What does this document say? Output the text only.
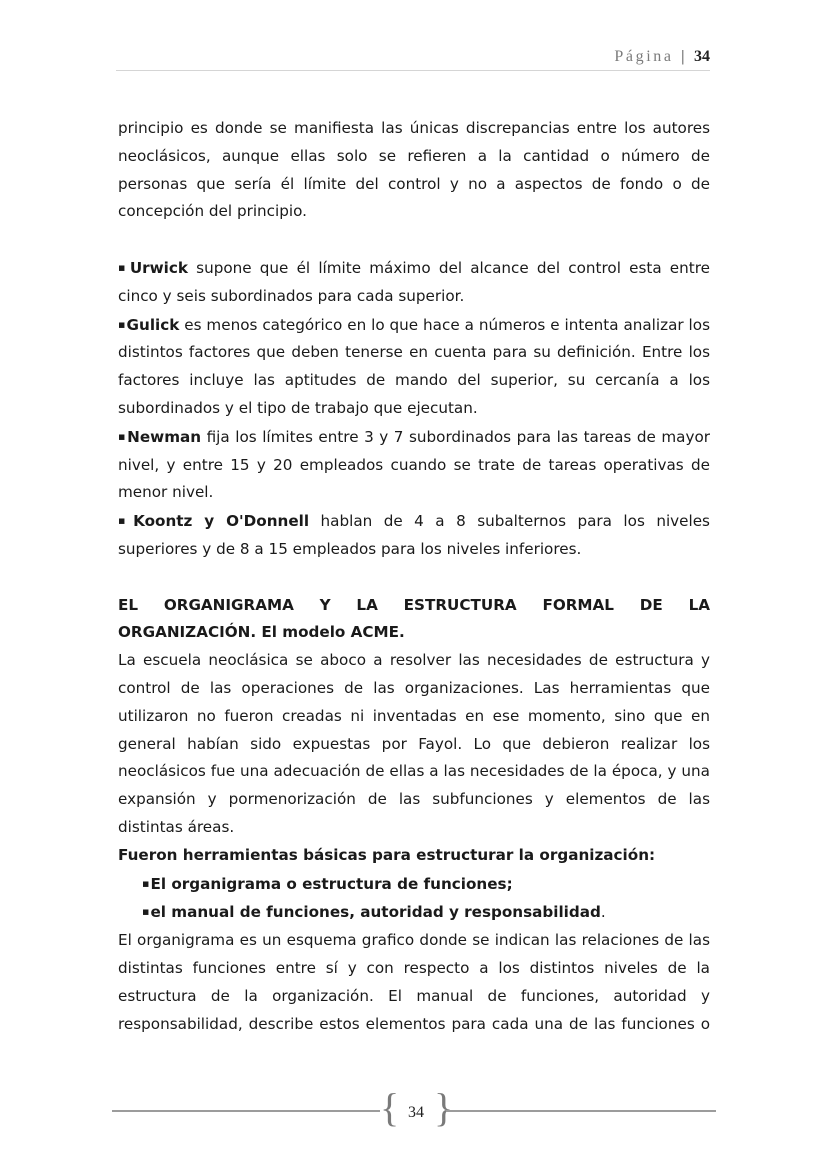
Página | 34

principio es donde se manifiesta las únicas discrepancias entre los autores neoclásicos, aunque ellas solo se refieren a la cantidad o número de personas que sería él límite del control y no a aspectos de fondo o de concepción del principio.

▪Urwick supone que él límite máximo del alcance del control esta entre cinco y seis subordinados para cada superior.

▪Gulick es menos categórico en lo que hace a números e intenta analizar los distintos factores que deben tenerse en cuenta para su definición. Entre los factores incluye las aptitudes de mando del superior, su cercanía a los subordinados y el tipo de trabajo que ejecutan.

▪Newman fija los límites entre 3 y 7 subordinados para las tareas de mayor nivel, y entre 15 y 20 empleados cuando se trate de tareas operativas de menor nivel.

▪Koontz y O'Donnell hablan de 4 a 8 subalternos para los niveles superiores y de 8 a 15 empleados para los niveles inferiores.

EL ORGANIGRAMA Y LA ESTRUCTURA FORMAL DE LA

ORGANIZACIÓN. El modelo ACME.

La escuela neoclásica se aboco a resolver las necesidades de estructura y control de las operaciones de las organizaciones. Las herramientas que utilizaron no fueron creadas ni inventadas en ese momento, sino que en general habían sido expuestas por Fayol. Lo que debieron realizar los neoclásicos fue una adecuación de ellas a las necesidades de la época, y una expansión y pormenorización de las subfunciones y elementos de las distintas áreas.

Fueron herramientas básicas para estructurar la organización:

▪El organigrama o estructura de funciones;

▪el manual de funciones, autoridad y responsabilidad.

El organigrama es un esquema grafico donde se indican las relaciones de las distintas funciones entre sí y con respecto a los distintos niveles de la estructura de la organización. El manual de funciones, autoridad y responsabilidad, describe estos elementos para cada una de las funciones o

{ 34 }
